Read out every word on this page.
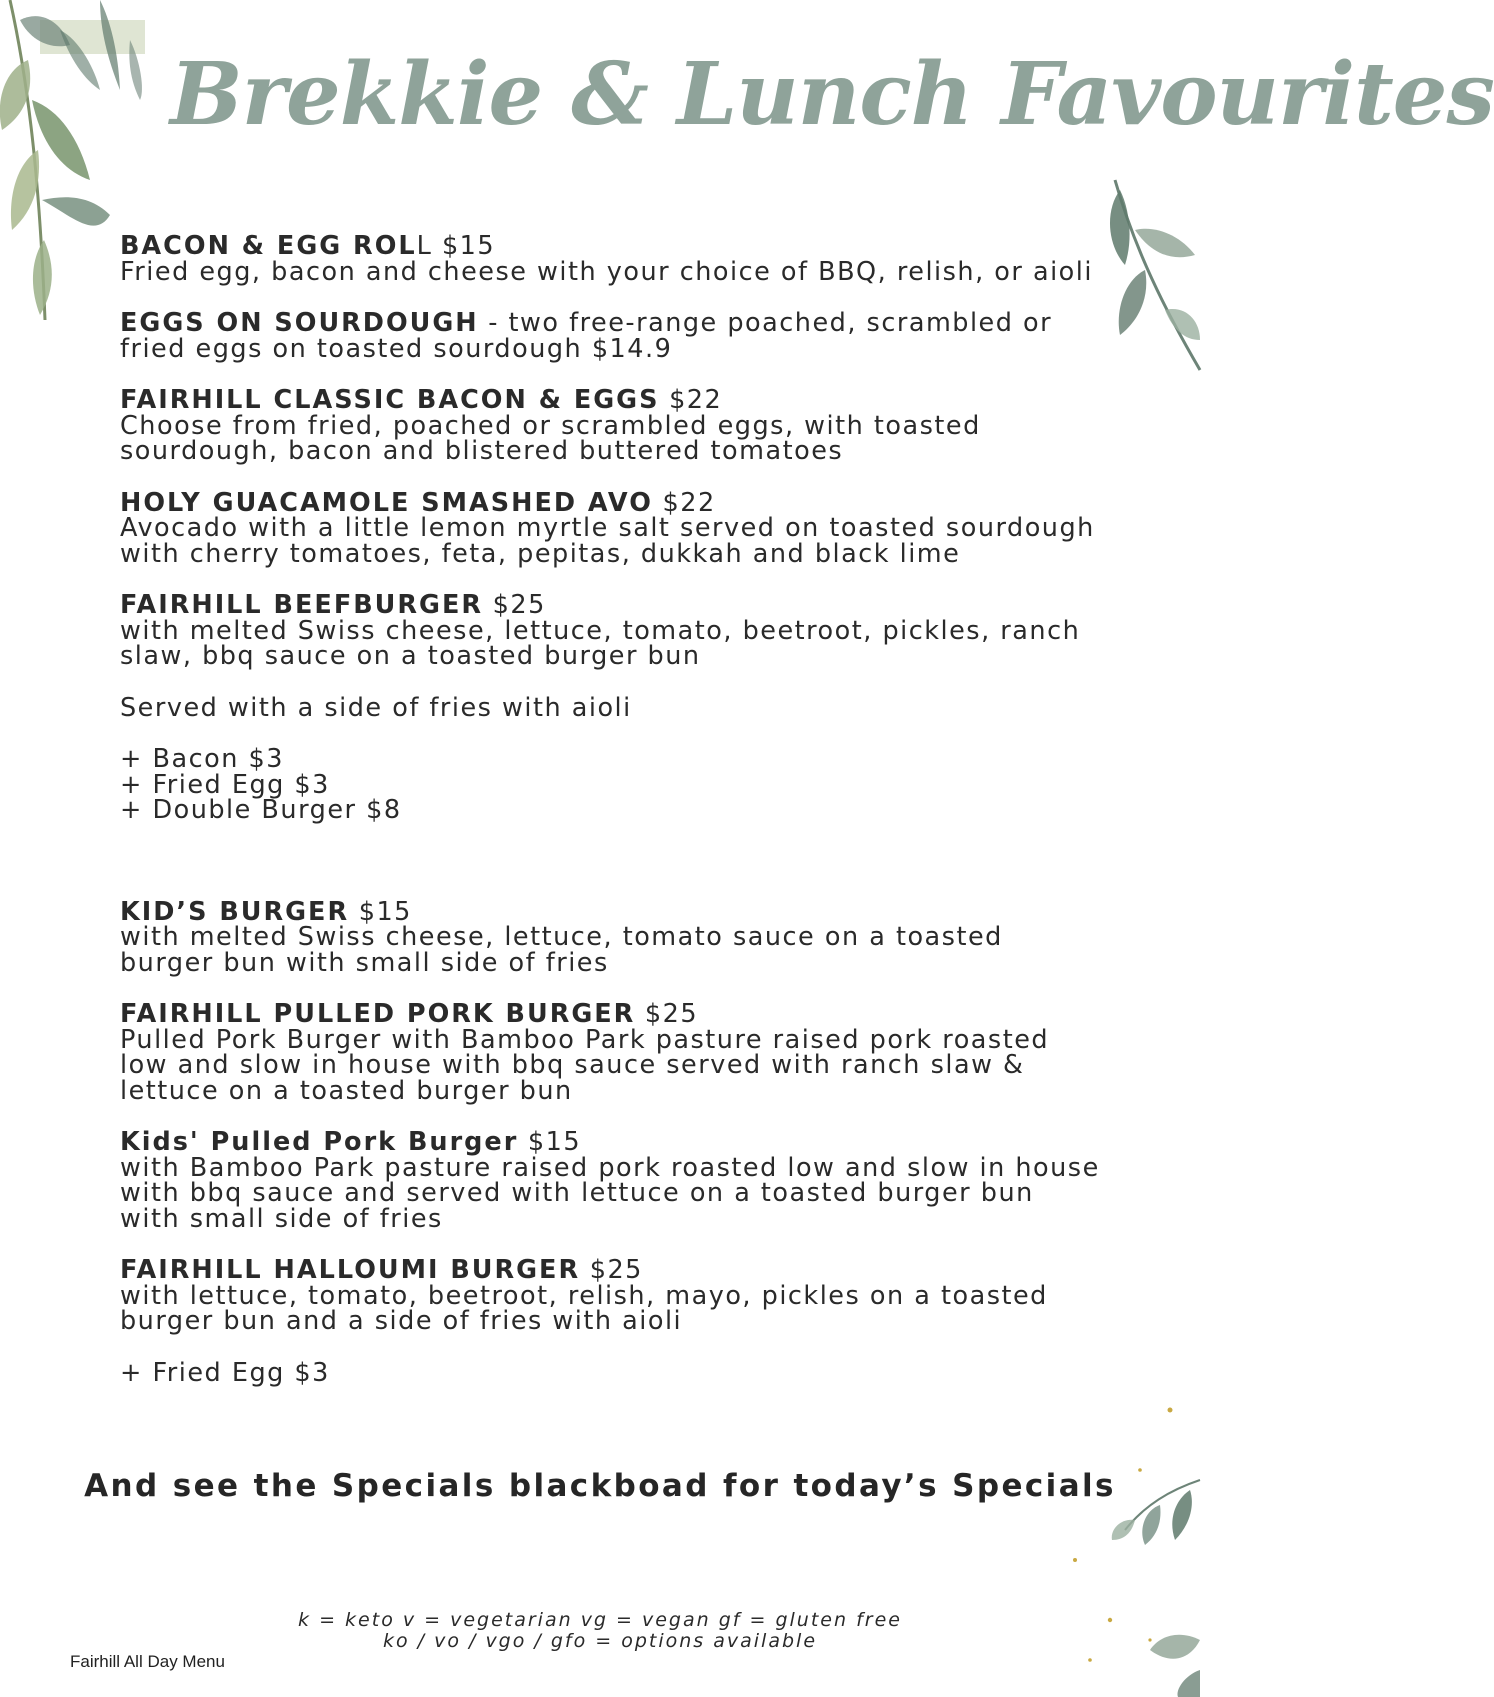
Brekkie & Lunch Favourites
BACON & EGG ROLL $15
Fried egg, bacon and cheese with your choice of BBQ, relish, or aioli
EGGS ON SOURDOUGH - two free-range poached, scrambled or fried eggs on toasted sourdough $14.9
FAIRHILL CLASSIC BACON & EGGS $22
Choose from fried, poached or scrambled eggs, with toasted sourdough, bacon and blistered buttered tomatoes
HOLY GUACAMOLE SMASHED AVO $22
Avocado with a little lemon myrtle salt served on toasted sourdough with cherry tomatoes, feta, pepitas, dukkah and black lime
FAIRHILL BEEFBURGER $25
with melted Swiss cheese, lettuce, tomato, beetroot, pickles, ranch slaw, bbq sauce on a toasted burger bun
Served with a side of fries with aioli
+ Bacon $3
+ Fried Egg $3
+ Double Burger $8
KID’S BURGER $15
with melted Swiss cheese, lettuce, tomato sauce on a toasted burger bun with small side of fries
FAIRHILL PULLED PORK BURGER $25
Pulled Pork Burger with Bamboo Park pasture raised pork roasted low and slow in house with bbq sauce served with ranch slaw & lettuce on a toasted burger bun
Kids' Pulled Pork Burger $15
with Bamboo Park pasture raised pork roasted low and slow in house with bbq sauce and served with lettuce on a toasted burger bun with small side of fries
FAIRHILL HALLOUMI BURGER $25
with lettuce, tomato, beetroot, relish, mayo, pickles on a toasted burger bun and a side of fries with aioli
+ Fried Egg $3
And see the Specials blackboad for today’s Specials
k = keto v = vegetarian vg = vegan gf = gluten free
ko / vo / vgo / gfo = options available
Fairhill All Day Menu
